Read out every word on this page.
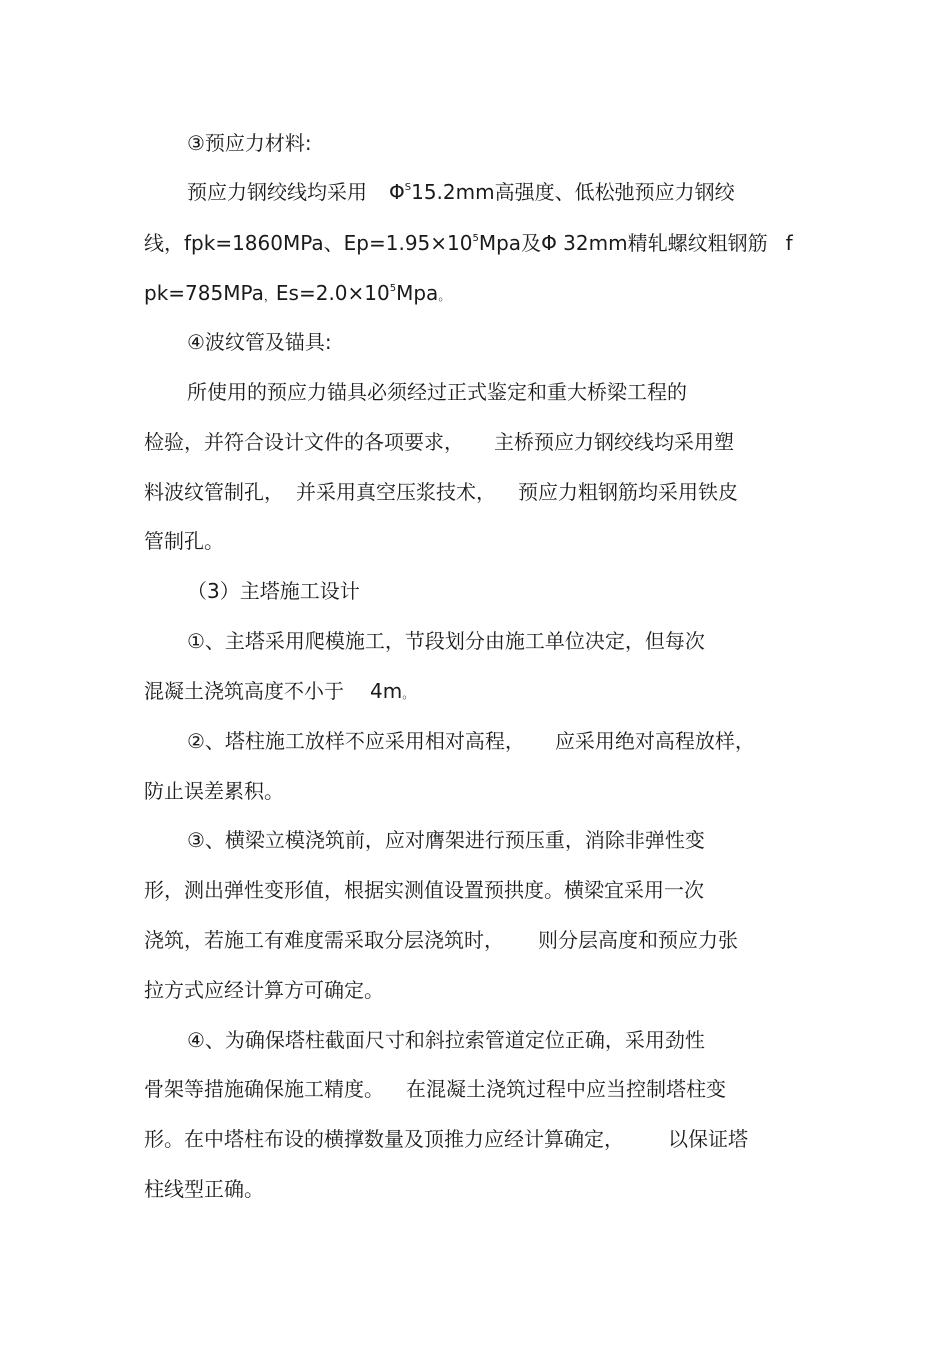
③预应力材料:
预应力钢绞线均采用 $\Phi^S15.2mm$高强度、低松弛预应力钢绞
线，fpk=1860MPa、$Ep=1.95\times 10^5Mpa$及Φ 32mm精轧螺纹粗钢筋 f
pk=785MPa，$Es=2.0\times 10^5Mpa$。
④波纹管及锚具:
所使用的预应力锚具必须经过正式鉴定和重大桥梁工程的
检验，并符合设计文件的各项要求， 主桥预应力钢绞线均采用塑
料波纹管制孔， 并采用真空压浆技术， 预应力粗钢筋均采用铁皮
管制孔。
（3）主塔施工设计
①、主塔采用爬模施工，节段划分由施工单位决定，但每次
混凝土浇筑高度不小于 4m。
②、塔柱施工放样不应采用相对高程， 应采用绝对高程放样，
防止误差累积。
③、横梁立模浇筑前，应对膺架进行预压重，消除非弹性变
形，测出弹性变形值，根据实测值设置预拱度。横梁宜采用一次
浇筑，若施工有难度需采取分层浇筑时， 则分层高度和预应力张
拉方式应经计算方可确定。
④、为确保塔柱截面尺寸和斜拉索管道定位正确，采用劲性
骨架等措施确保施工精度。 在混凝土浇筑过程中应当控制塔柱变
形。在中塔柱布设的横撑数量及顶推力应经计算确定， 以保证塔
柱线型正确。
